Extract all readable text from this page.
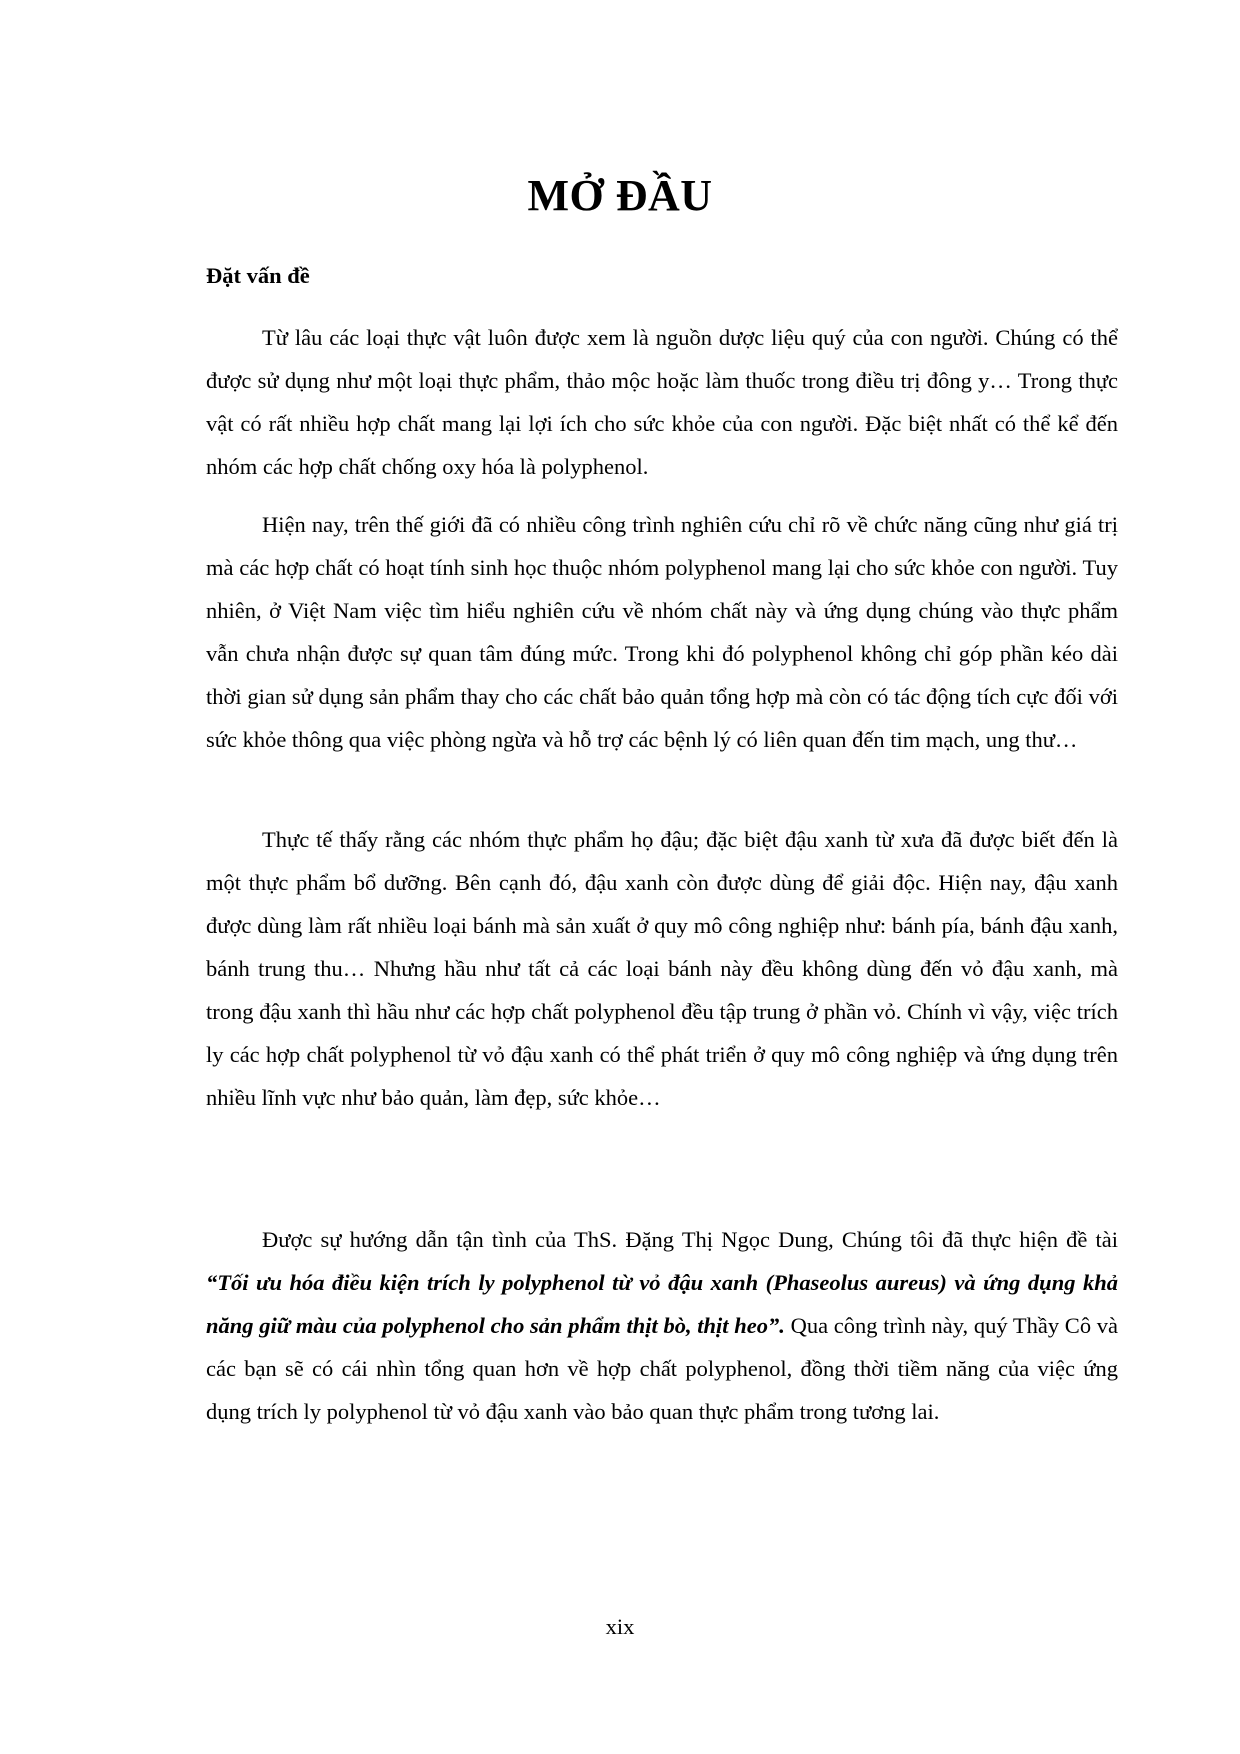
MỞ ĐẦU
Đặt vấn đề

Từ lâu các loại thực vật luôn được xem là nguồn dược liệu quý của con người. Chúng có thể được sử dụng như một loại thực phẩm, thảo mộc hoặc làm thuốc trong điều trị đông y… Trong thực vật có rất nhiều hợp chất mang lại lợi ích cho sức khỏe của con người. Đặc biệt nhất có thể kể đến nhóm các hợp chất chống oxy hóa là polyphenol.

Hiện nay, trên thế giới đã có nhiều công trình nghiên cứu chỉ rõ về chức năng cũng như giá trị mà các hợp chất có hoạt tính sinh học thuộc nhóm polyphenol mang lại cho sức khỏe con người. Tuy nhiên, ở Việt Nam việc tìm hiểu nghiên cứu về nhóm chất này và ứng dụng chúng vào thực phẩm vẫn chưa nhận được sự quan tâm đúng mức. Trong khi đó polyphenol không chỉ góp phần kéo dài thời gian sử dụng sản phẩm thay cho các chất bảo quản tổng hợp mà còn có tác động tích cực đối với sức khỏe thông qua việc phòng ngừa và hỗ trợ các bệnh lý có liên quan đến tim mạch, ung thư…

Thực tế thấy rằng các nhóm thực phẩm họ đậu; đặc biệt đậu xanh từ xưa đã được biết đến là một thực phẩm bổ dưỡng. Bên cạnh đó, đậu xanh còn được dùng để giải độc. Hiện nay, đậu xanh được dùng làm rất nhiều loại bánh mà sản xuất ở quy mô công nghiệp như: bánh pía, bánh đậu xanh, bánh trung thu… Nhưng hầu như tất cả các loại bánh này đều không dùng đến vỏ đậu xanh, mà trong đậu xanh thì hầu như các hợp chất polyphenol đều tập trung ở phần vỏ. Chính vì vậy, việc trích ly các hợp chất polyphenol từ vỏ đậu xanh có thể phát triển ở quy mô công nghiệp và ứng dụng trên nhiều lĩnh vực như bảo quản, làm đẹp, sức khỏe…

Được sự hướng dẫn tận tình của ThS. Đặng Thị Ngọc Dung, Chúng tôi đã thực hiện đề tài “Tối ưu hóa điều kiện trích ly polyphenol từ vỏ đậu xanh (Phaseolus aureus) và ứng dụng khả năng giữ màu của polyphenol cho sản phẩm thịt bò, thịt heo”. Qua công trình này, quý Thầy Cô và các bạn sẽ có cái nhìn tổng quan hơn về hợp chất polyphenol, đồng thời tiềm năng của việc ứng dụng trích ly polyphenol từ vỏ đậu xanh vào bảo quan thực phẩm trong tương lai.

xix
